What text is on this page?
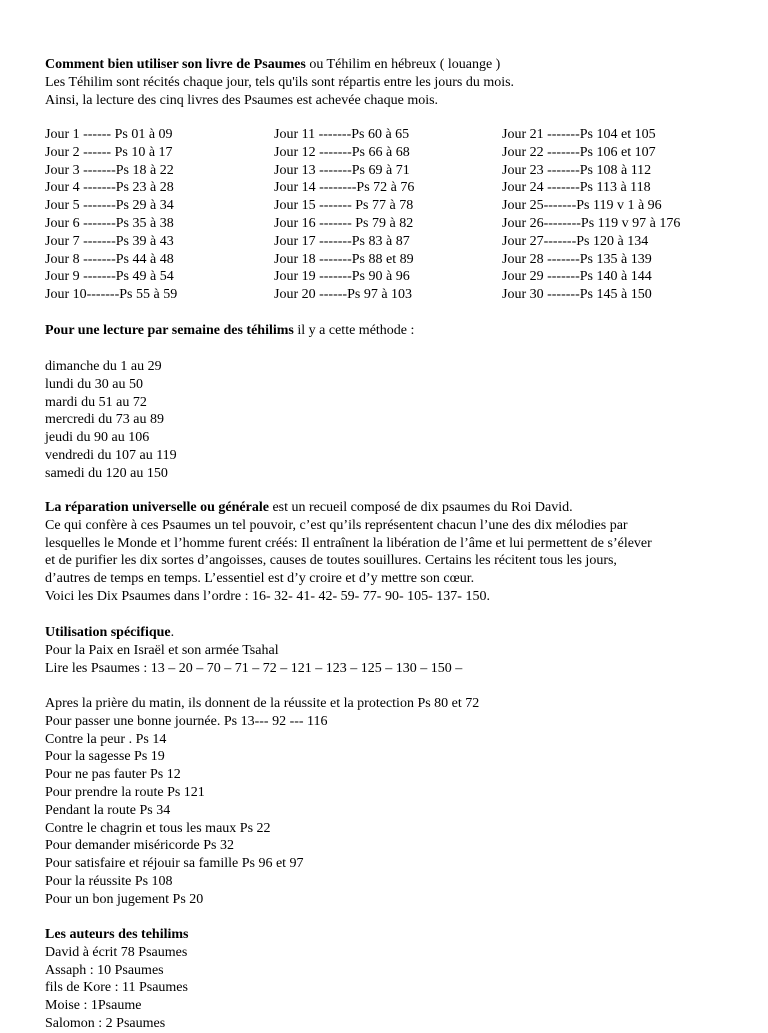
Comment bien utiliser son livre de Psaumes ou Téhilim en hébreux ( louange )
Les Téhilim sont récités chaque jour, tels qu'ils sont répartis entre les jours du mois.
Ainsi, la lecture des cinq livres des Psaumes est achevée chaque mois.
Jour 1 ------ Ps 01 à 09
Jour 2 ------ Ps 10 à 17
Jour 3 -------Ps 18 à 22
Jour 4 -------Ps 23 à 28
Jour 5 -------Ps 29 à 34
Jour 6 -------Ps 35 à 38
Jour 7 -------Ps 39 à 43
Jour 8 -------Ps 44 à 48
Jour 9 -------Ps 49 à 54
Jour 10-------Ps 55 à 59
Jour 11 -------Ps 60 à 65
Jour 12 -------Ps 66 à 68
Jour 13 -------Ps 69 à 71
Jour 14 --------Ps 72 à 76
Jour 15 ------- Ps 77 à 78
Jour 16 ------- Ps 79 à 82
Jour 17 -------Ps 83 à 87
Jour 18 -------Ps 88 et 89
Jour 19 -------Ps 90 à 96
Jour 20 ------Ps 97 à 103
Jour 21 -------Ps 104 et 105
Jour 22 -------Ps 106 et 107
Jour 23 -------Ps 108 à 112
Jour 24 -------Ps 113 à 118
Jour 25-------Ps 119 v 1 à 96
Jour 26--------Ps 119 v 97 à 176
Jour 27-------Ps 120 à 134
Jour 28 -------Ps 135 à 139
Jour 29 -------Ps 140 à 144
Jour 30 -------Ps 145 à 150
Pour une lecture par semaine des téhilims il y a cette méthode :
dimanche du 1 au 29
lundi du 30 au 50
mardi du 51 au 72
mercredi du 73 au 89
jeudi du 90 au 106
vendredi du 107 au 119
samedi du 120 au 150
La réparation universelle ou générale est un recueil composé de dix psaumes du Roi David.
Ce qui confère à ces Psaumes un tel pouvoir, c’est qu’ils représentent chacun l’une des dix mélodies par
lesquelles le Monde et l’homme furent créés: Il entraînent la libération de l’âme et lui permettent de s’élever
et de purifier les dix sortes d’angoisses, causes de toutes souillures. Certains les récitent tous les jours,
d’autres de temps en temps. L’essentiel est d’y croire et d’y mettre son cœur.
Voici les Dix Psaumes dans l’ordre : 16- 32- 41- 42- 59- 77- 90- 105- 137- 150.
Utilisation spécifique.
Pour la Paix en Israël et son armée Tsahal
Lire les Psaumes : 13 – 20 – 70 – 71 – 72 – 121 – 123 – 125 – 130 – 150 –
Apres la prière du matin, ils donnent de la réussite et la protection Ps 80 et 72
Pour passer une bonne journée. Ps 13--- 92 --- 116
Contre la peur . Ps 14
Pour la sagesse Ps 19
Pour ne pas fauter Ps 12
Pour prendre la route Ps 121
Pendant la route Ps 34
Contre le chagrin et tous les maux Ps 22
Pour demander miséricorde Ps 32
Pour satisfaire et réjouir sa famille Ps 96 et 97
Pour la réussite Ps 108
Pour un bon jugement Ps 20
Les auteurs des tehilims
David à écrit 78 Psaumes
Assaph : 10 Psaumes
fils de Kore : 11 Psaumes
Moise : 1Psaume
Salomon : 2 Psaumes
